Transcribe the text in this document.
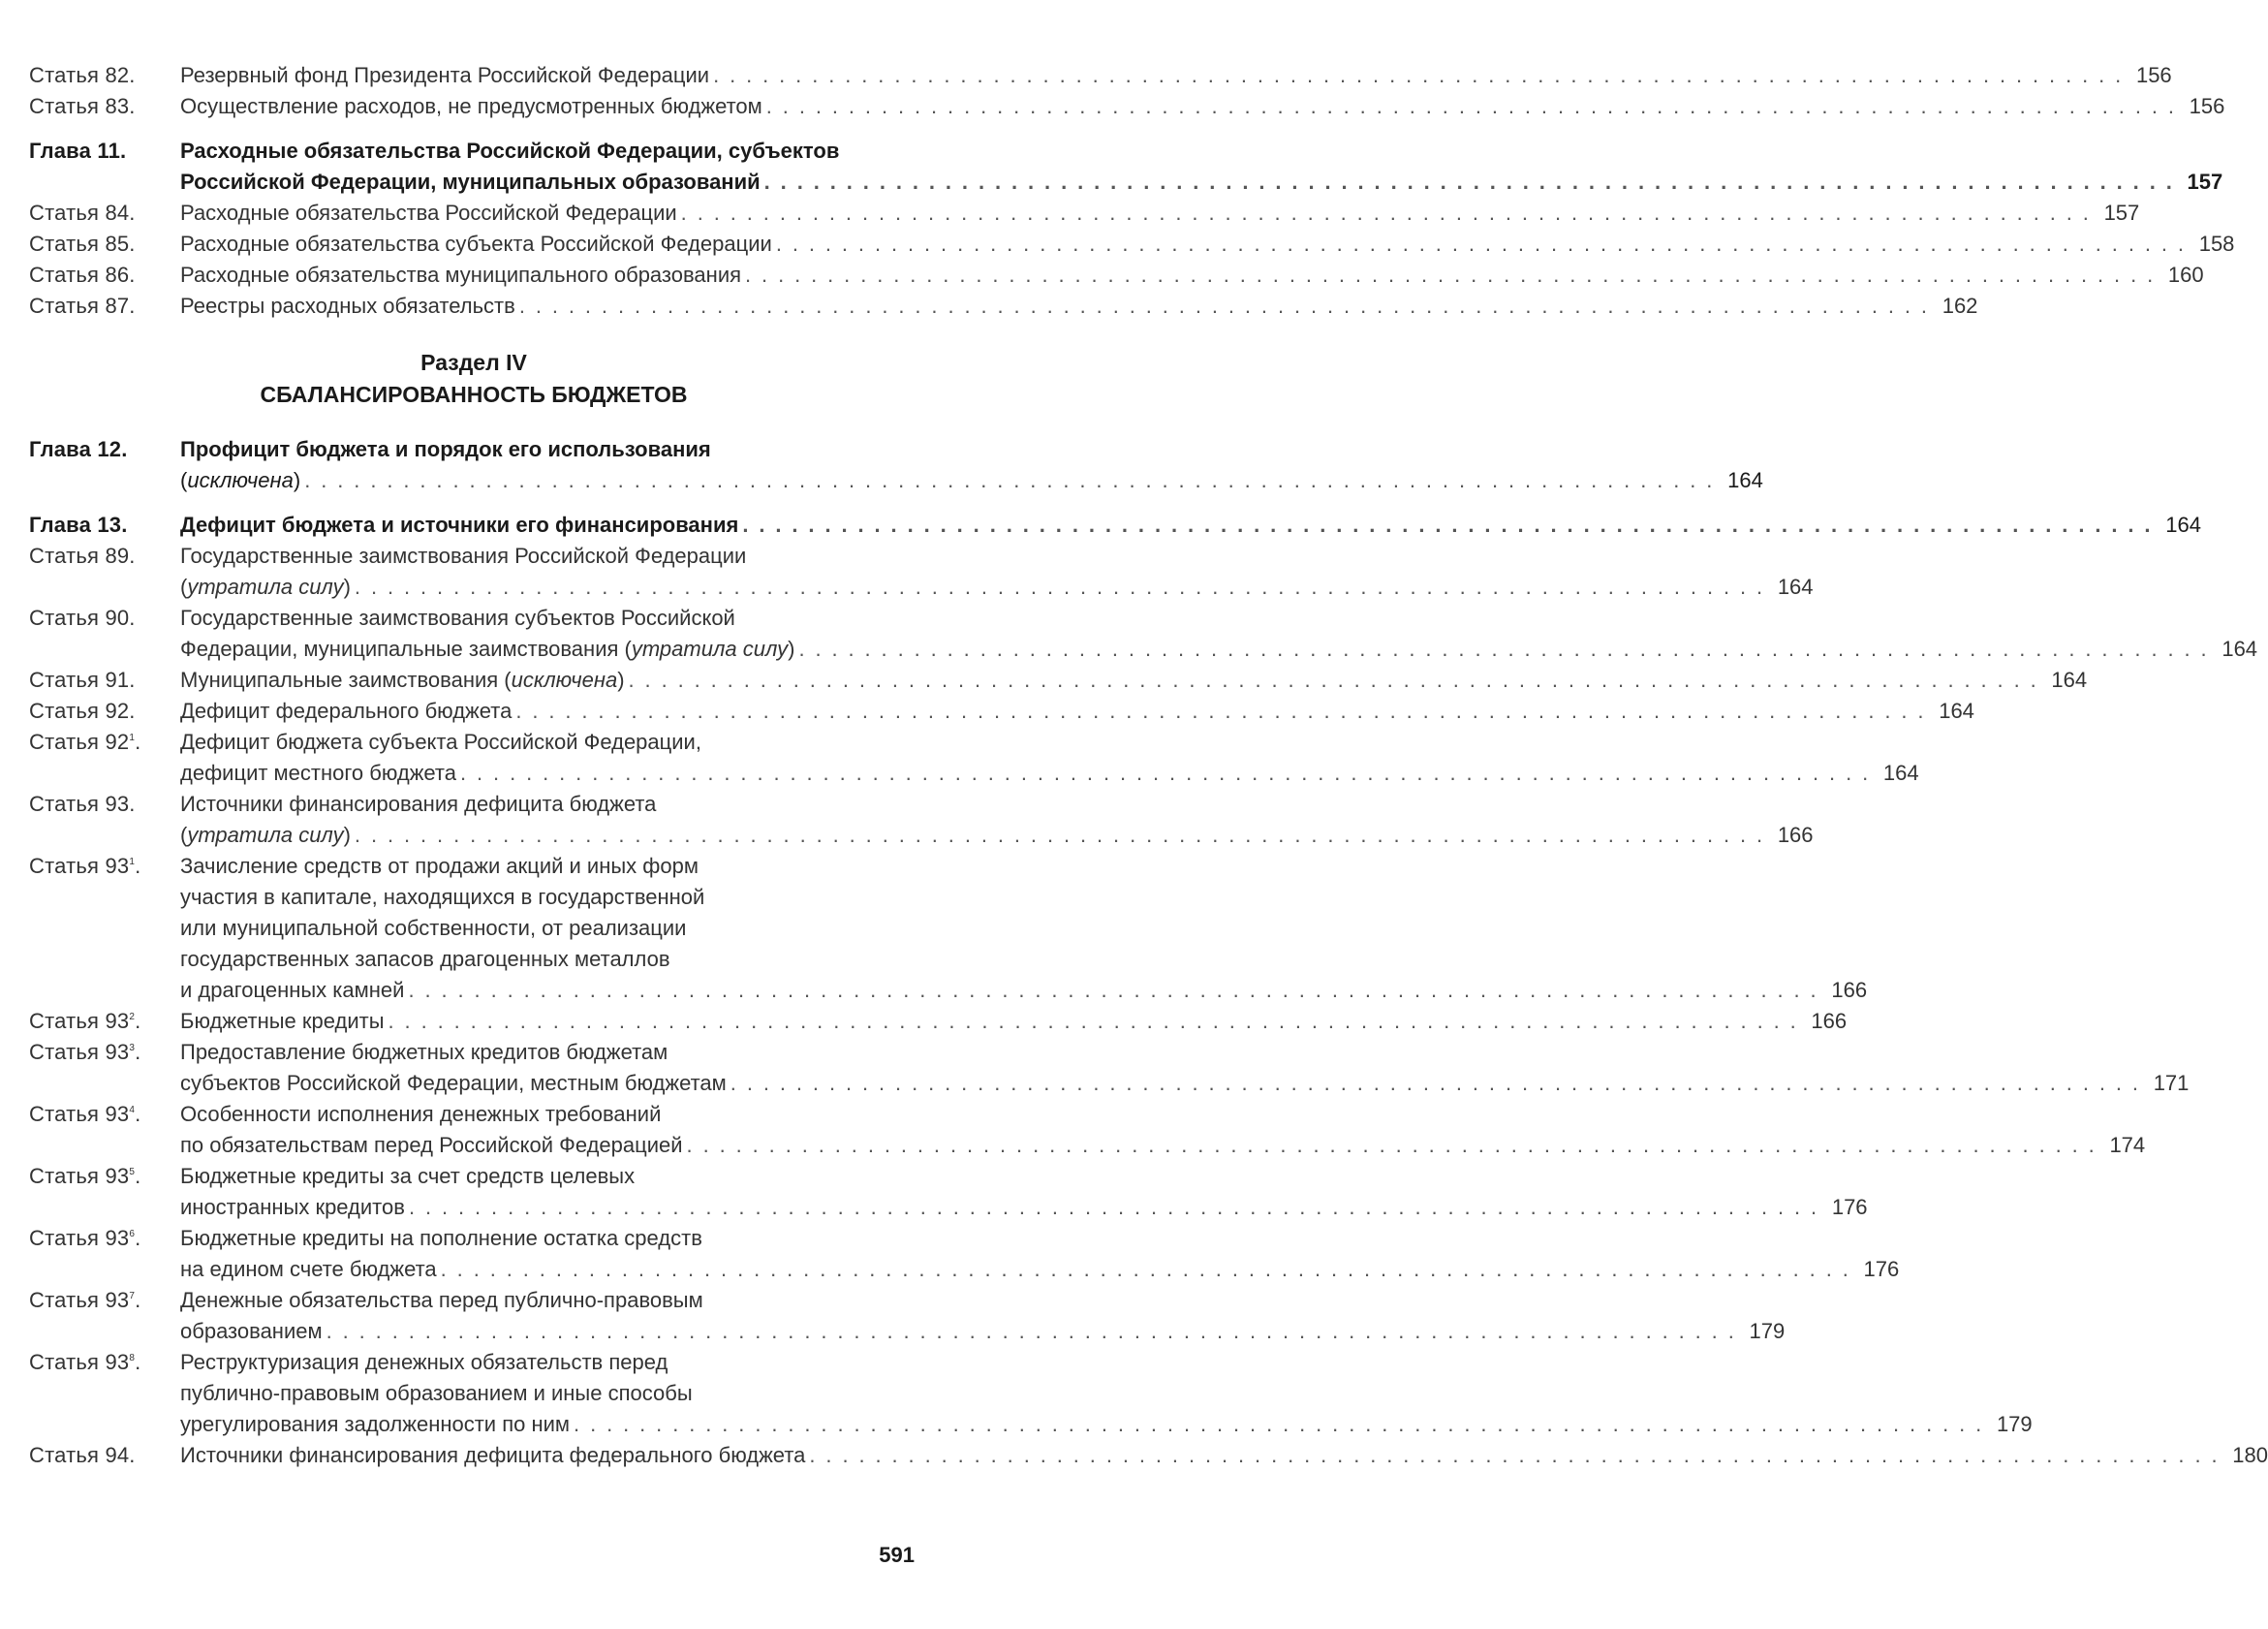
Статья 82.	Резервный фонд Президента Российской Федерации . . .	156
Статья 83.	Осуществление расходов, не предусмотренных бюджетом . . .	156
Глава 11.	Расходные обязательства Российской Федерации, субъектов
Российской Федерации, муниципальных образований . . .	157
Статья 84.	Расходные обязательства Российской Федерации . . .	157
Статья 85.	Расходные обязательства субъекта Российской Федерации . . .	158
Статья 86.	Расходные обязательства муниципального образования . . .	160
Статья 87.	Реестры расходных обязательств . . .	162
Раздел IV
СБАЛАНСИРОВАННОСТЬ БЮДЖЕТОВ
Глава 12.	Профицит бюджета и порядок его использования
(исключена) . . .	164
Глава 13.	Дефицит бюджета и источники его финансирования . . .	164
Статья 89.	Государственные заимствования Российской Федерации
(утратила силу) . . .	164
Статья 90.	Государственные заимствования субъектов Российской
Федерации, муниципальные заимствования (утратила силу) . . .	164
Статья 91.	Муниципальные заимствования (исключена) . . .	164
Статья 92.	Дефицит федерального бюджета . . .	164
Статья $92^1$.	Дефицит бюджета субъекта Российской Федерации,
дефицит местного бюджета . . .	164
Статья 93.	Источники финансирования дефицита бюджета
(утратила силу) . . .	166
Статья $93^1$.	Зачисление средств от продажи акций и иных форм
участия в капитале, находящихся в государственной
или муниципальной собственности, от реализации
государственных запасов драгоценных металлов
и драгоценных камней . . .	166
Статья $93^2$.	Бюджетные кредиты . . .	166
Статья $93^3$.	Предоставление бюджетных кредитов бюджетам
субъектов Российской Федерации, местным бюджетам . . .	171
Статья $93^4$.	Особенности исполнения денежных требований
по обязательствам перед Российской Федерацией . . .	174
Статья $93^5$.	Бюджетные кредиты за счет средств целевых
иностранных кредитов . . .	176
Статья $93^6$.	Бюджетные кредиты на пополнение остатка средств
на едином счете бюджета . . .	176
Статья $93^7$.	Денежные обязательства перед публично-правовым
образованием . . .	179
Статья $93^8$.	Реструктуризация денежных обязательств перед
публично-правовым образованием и иные способы
урегулирования задолженности по ним . . .	179
Статья 94.	Источники финансирования дефицита федерального бюджета . . .	180
591
